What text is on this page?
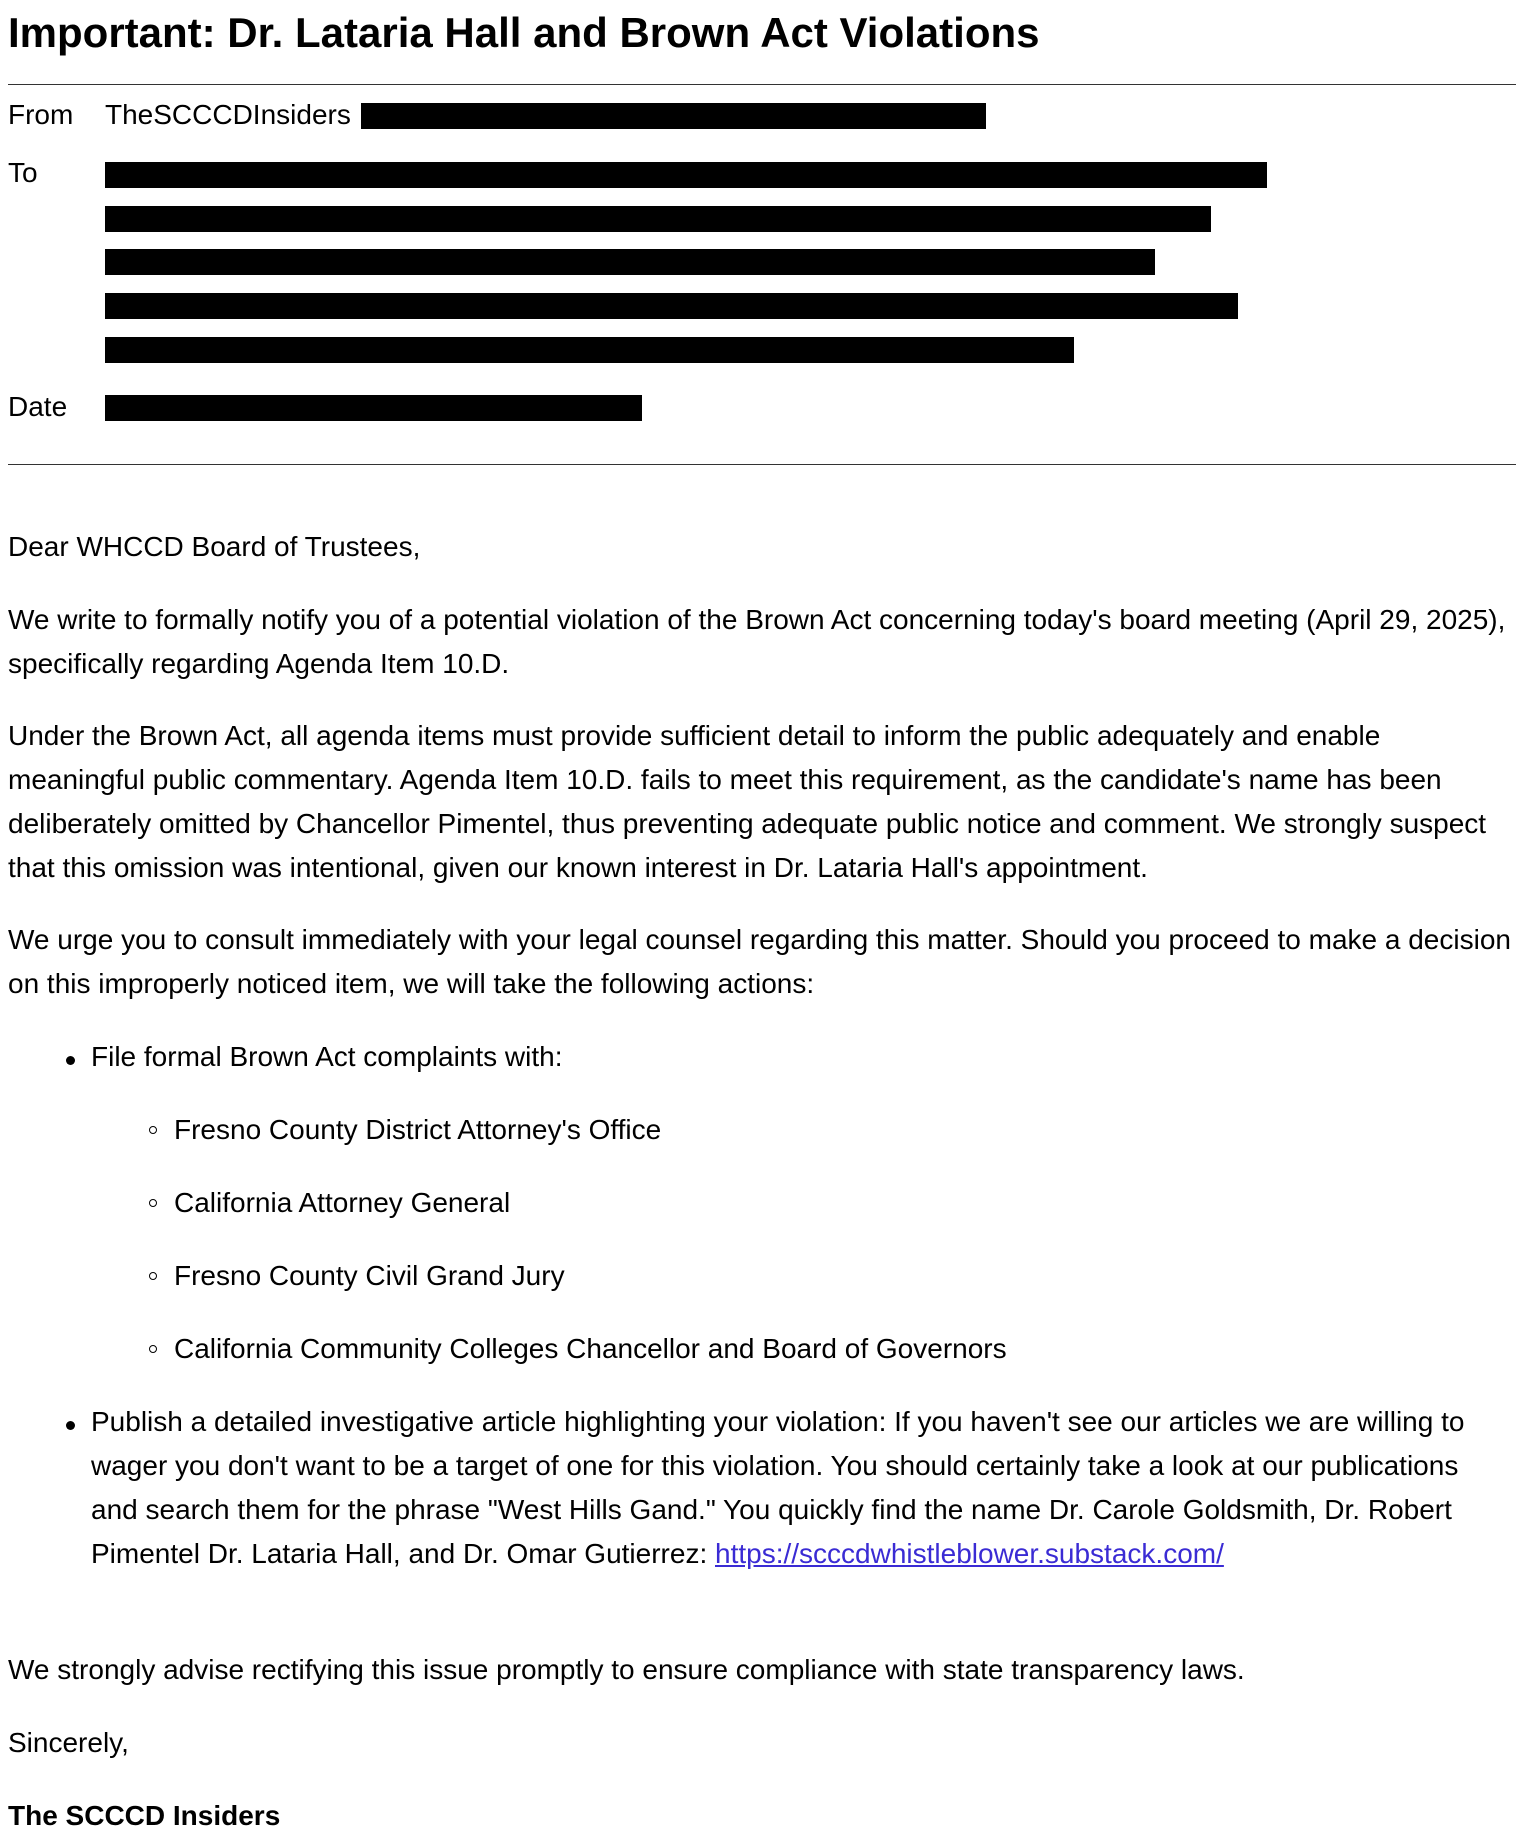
Important: Dr. Lataria Hall and Brown Act Violations
From TheSCCCDInsiders
To
Date

Dear WHCCD Board of Trustees,

We write to formally notify you of a potential violation of the Brown Act concerning today's board meeting (April 29, 2025), specifically regarding Agenda Item 10.D.

Under the Brown Act, all agenda items must provide sufficient detail to inform the public adequately and enable meaningful public commentary. Agenda Item 10.D. fails to meet this requirement, as the candidate's name has been deliberately omitted by Chancellor Pimentel, thus preventing adequate public notice and comment. We strongly suspect that this omission was intentional, given our known interest in Dr. Lataria Hall's appointment.

We urge you to consult immediately with your legal counsel regarding this matter. Should you proceed to make a decision on this improperly noticed item, we will take the following actions:

File formal Brown Act complaints with:
Fresno County District Attorney's Office
California Attorney General
Fresno County Civil Grand Jury
California Community Colleges Chancellor and Board of Governors
Publish a detailed investigative article highlighting your violation: If you haven't see our articles we are willing to wager you don't want to be a target of one for this violation. You should certainly take a look at our publications and search them for the phrase "West Hills Gand." You quickly find the name Dr. Carole Goldsmith, Dr. Robert Pimentel Dr. Lataria Hall, and Dr. Omar Gutierrez: https://scccdwhistleblower.substack.com/

We strongly advise rectifying this issue promptly to ensure compliance with state transparency laws.

Sincerely,

The SCCCD Insiders
